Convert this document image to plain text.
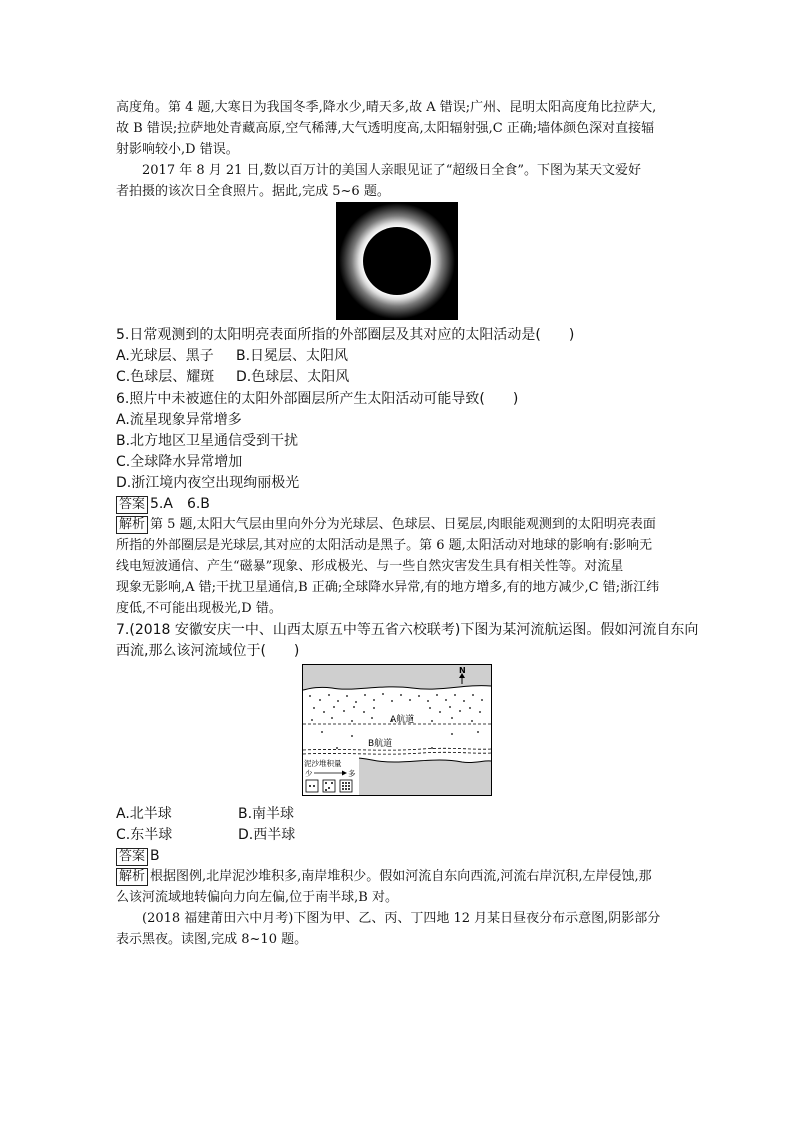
高度角。第 4 题,大寒日为我国冬季,降水少,晴天多,故 A 错误;广州、昆明太阳高度角比拉萨大,
故 B 错误;拉萨地处青藏高原,空气稀薄,大气透明度高,太阳辐射强,C 正确;墙体颜色深对直接辐
射影响较小,D 错误。
2017 年 8 月 21 日,数以百万计的美国人亲眼见证了“超级日全食”。下图为某天文爱好
者拍摄的该次日全食照片。据此,完成 5~6 题。
5.日常观测到的太阳明亮表面所指的外部圈层及其对应的太阳活动是(　　)
A.光球层、黑子 B.日冕层、太阳风
C.色球层、耀斑 D.色球层、太阳风
6.照片中未被遮住的太阳外部圈层所产生太阳活动可能导致(　　)
A.流星现象异常增多
B.北方地区卫星通信受到干扰
C.全球降水异常增加
D.浙江境内夜空出现绚丽极光
答案 5.A　6.B
解析 第 5 题,太阳大气层由里向外分为光球层、色球层、日冕层,肉眼能观测到的太阳明亮表面
所指的外部圈层是光球层,其对应的太阳活动是黑子。第 6 题,太阳活动对地球的影响有:影响无
线电短波通信、产生“磁暴”现象、形成极光、与一些自然灾害发生具有相关性等。对流星
现象无影响,A 错;干扰卫星通信,B 正确;全球降水异常,有的地方增多,有的地方减少,C 错;浙江纬
度低,不可能出现极光,D 错。
7.(2018 安徽安庆一中、山西太原五中等五省六校联考)下图为某河流航运图。假如河流自东向
西流,那么该河流域位于(　　)
A航道
B航道
N
泥沙堆积量
少	多
A.北半球	B.南半球
C.东半球	D.西半球
答案 B
解析 根据图例,北岸泥沙堆积多,南岸堆积少。假如河流自东向西流,河流右岸沉积,左岸侵蚀,那
么该河流域地转偏向力向左偏,位于南半球,B 对。
(2018 福建莆田六中月考)下图为甲、乙、丙、丁四地 12 月某日昼夜分布示意图,阴影部分
表示黑夜。读图,完成 8~10 题。
